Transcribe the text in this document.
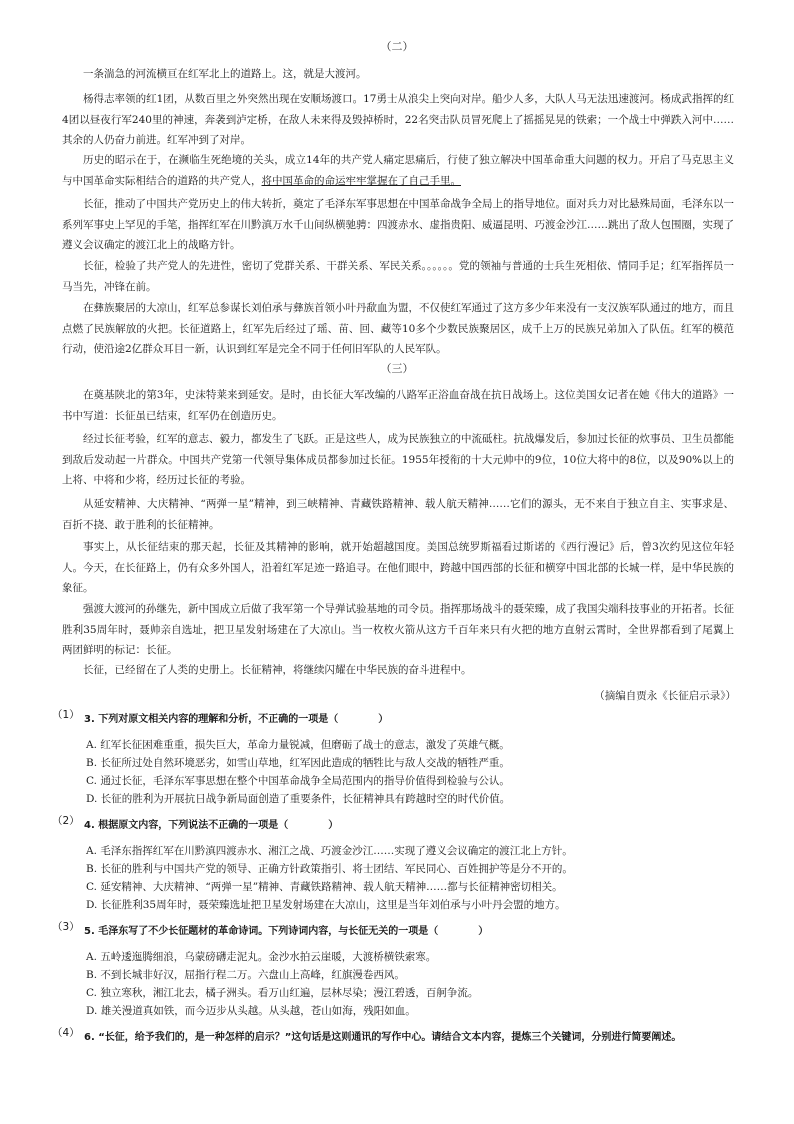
（二）

一条湍急的河流横亘在红军北上的道路上。这，就是大渡河。

杨得志率领的红1团，从数百里之外突然出现在安顺场渡口。17勇士从浪尖上突向对岸。船少人多，大队人马无法迅速渡河。杨成武指挥的红4团以昼夜行军240里的神速，奔袭到泸定桥，在敌人未来得及毁掉桥时，22名突击队员冒死爬上了摇摇晃晃的铁索；一个战士中弹跌入河中……其余的人仍奋力前进。红军冲到了对岸。

历史的昭示在于，在濒临生死绝境的关头，成立14年的共产党人痛定思痛后，行使了独立解决中国革命重大问题的权力。开启了马克思主义与中国革命实际相结合的道路的共产党人，将中国革命的命运牢牢掌握在了自己手里。

长征，推动了中国共产党历史上的伟大转折，奠定了毛泽东军事思想在中国革命战争全局上的指导地位。面对兵力对比悬殊局面，毛泽东以一系列军事史上罕见的手笔，指挥红军在川黔滇万水千山间纵横驰骋：四渡赤水、虚指贵阳、威逼昆明、巧渡金沙江……跳出了敌人包围圈，实现了遵义会议确定的渡江北上的战略方针。

长征，检验了共产党人的先进性，密切了党群关系、干群关系、军民关系。。。。。。党的领袖与普通的士兵生死相依、情同手足；红军指挥员一马当先，冲锋在前。

在彝族聚居的大凉山，红军总参谋长刘伯承与彝族首领小叶丹歃血为盟，不仅使红军通过了这方多少年来没有一支汉族军队通过的地方，而且点燃了民族解放的火把。长征道路上，红军先后经过了瑶、苗、回、藏等10多个少数民族聚居区，成千上万的民族兄弟加入了队伍。红军的模范行动，使沿途2亿群众耳目一新，认识到红军是完全不同于任何旧军队的人民军队。

（三）

在奠基陕北的第3年，史沫特莱来到延安。是时，由长征大军改编的八路军正浴血奋战在抗日战场上。这位美国女记者在她《伟大的道路》一书中写道：长征虽已结束，红军仍在创造历史。

经过长征考验，红军的意志、毅力，都发生了飞跃。正是这些人，成为民族独立的中流砥柱。抗战爆发后，参加过长征的炊事员、卫生员都能到敌后发动起一片群众。中国共产党第一代领导集体成员都参加过长征。1955年授衔的十大元帅中的9位，10位大将中的8位，以及90%以上的上将、中将和少将，经历过长征的考验。

从延安精神、大庆精神、“两弹一星”精神，到三峡精神、青藏铁路精神、载人航天精神……它们的源头，无不来自于独立自主、实事求是、百折不挠、敢于胜利的长征精神。

事实上，从长征结束的那天起，长征及其精神的影响，就开始超越国度。美国总统罗斯福看过斯诺的《西行漫记》后，曾3次约见这位年轻人。今天，在长征路上，仍有众多外国人，沿着红军足迹一路追寻。在他们眼中，跨越中国西部的长征和横穿中国北部的长城一样，是中华民族的象征。

强渡大渡河的孙继先，新中国成立后做了我军第一个导弹试验基地的司令员。指挥那场战斗的聂荣臻，成了我国尖端科技事业的开拓者。长征胜利35周年时，聂帅亲自选址，把卫星发射场建在了大凉山。当一枚枚火箭从这方千百年来只有火把的地方直射云霄时，全世界都看到了尾翼上两团鲜明的标记：长征。

长征，已经留在了人类的史册上。长征精神，将继续闪耀在中华民族的奋斗进程中。

（摘编自贾永《长征启示录》）
（1） 3. 下列对原文相关内容的理解和分析，不正确的一项是（　　　　）

A. 红军长征困难重重，损失巨大，革命力量锐减，但磨砺了战士的意志，激发了英雄气概。
B. 长征所过处自然环境恶劣，如雪山草地，红军因此造成的牺牲比与敌人交战的牺牲严重。
C. 通过长征，毛泽东军事思想在整个中国革命战争全局范围内的指导价值得到检验与公认。
D. 长征的胜利为开展抗日战争新局面创造了重要条件，长征精神具有跨越时空的时代价值。
（2） 4. 根据原文内容，下列说法不正确的一项是（　　　　）

A. 毛泽东指挥红军在川黔滇四渡赤水、湘江之战、巧渡金沙江……实现了遵义会议确定的渡江北上方针。
B. 长征的胜利与中国共产党的领导、正确方针政策指引、将士团结、军民同心、百姓拥护等是分不开的。
C. 延安精神、大庆精神、“两弹一星”精神、青藏铁路精神、载人航天精神……都与长征精神密切相关。
D. 长征胜利35周年时，聂荣臻选址把卫星发射场建在大凉山，这里是当年刘伯承与小叶丹会盟的地方。
（3） 5. 毛泽东写了不少长征题材的革命诗词。下列诗词内容，与长征无关的一项是（　　　　）

A. 五岭逶迤腾细浪，乌蒙磅礴走泥丸。金沙水拍云崖暖，大渡桥横铁索寒。
B. 不到长城非好汉，屈指行程二万。六盘山上高峰，红旗漫卷西风。
C. 独立寒秋，湘江北去，橘子洲头。看万山红遍，层林尽染；漫江碧透，百舸争流。
D. 雄关漫道真如铁，而今迈步从头越。从头越，苍山如海，残阳如血。
（4） 6. “长征，给予我们的，是一种怎样的启示？”这句话是这则通讯的写作中心。请结合文本内容，提炼三个关键词，分别进行简要阐述。
